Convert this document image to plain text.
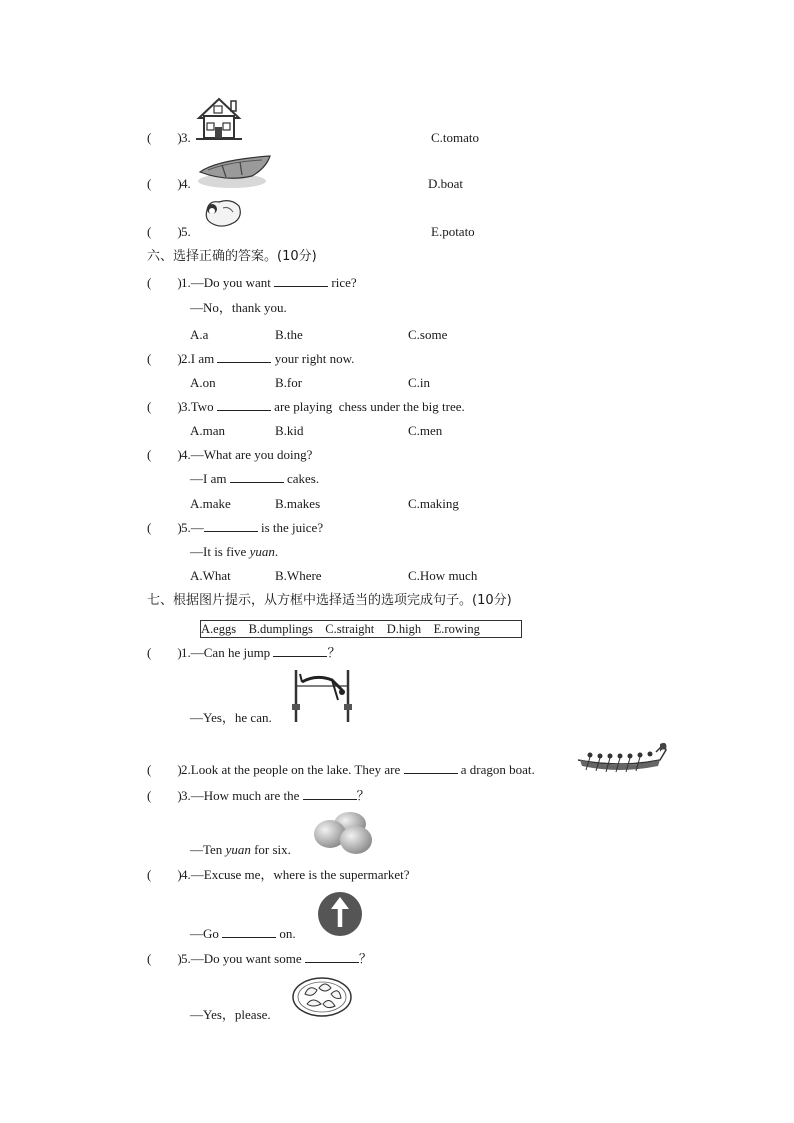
(        ) 3.	C.tomato
(        ) 4.	D.boat
(        ) 5.	E.potato
六、选择正确的答案。(10分)
(        ) 1.—Do you want	rice?
—No，thank you.
A.a	B.the	C.some
(        ) 2.I am	your right now.
A.on	B.for	C.in
(        ) 3.Two	are playing  chess under the big tree.
A.man	B.kid	C.men
(        ) 4.—What are you doing?
—I am	cakes.
A.make	B.makes	C.making
(        ) 5.—	is the juice?
—It is five yuan.
A.What	B.Where	C.How much
七、根据图片提示，从方框中选择适当的选项完成句子。(10分)
A.eggs    B.dumplings    C.straight    D.high    E.rowing
(        ) 1.—Can he jump	？
—Yes，he can.
(        ) 2.Look at the people on the lake. They are	a dragon boat.
(        ) 3.—How much are the	？
—Ten yuan for six.
(        ) 4.—Excuse me，where is the supermarket?
—Go	on.
(        ) 5.—Do you want some	？
—Yes，please.
